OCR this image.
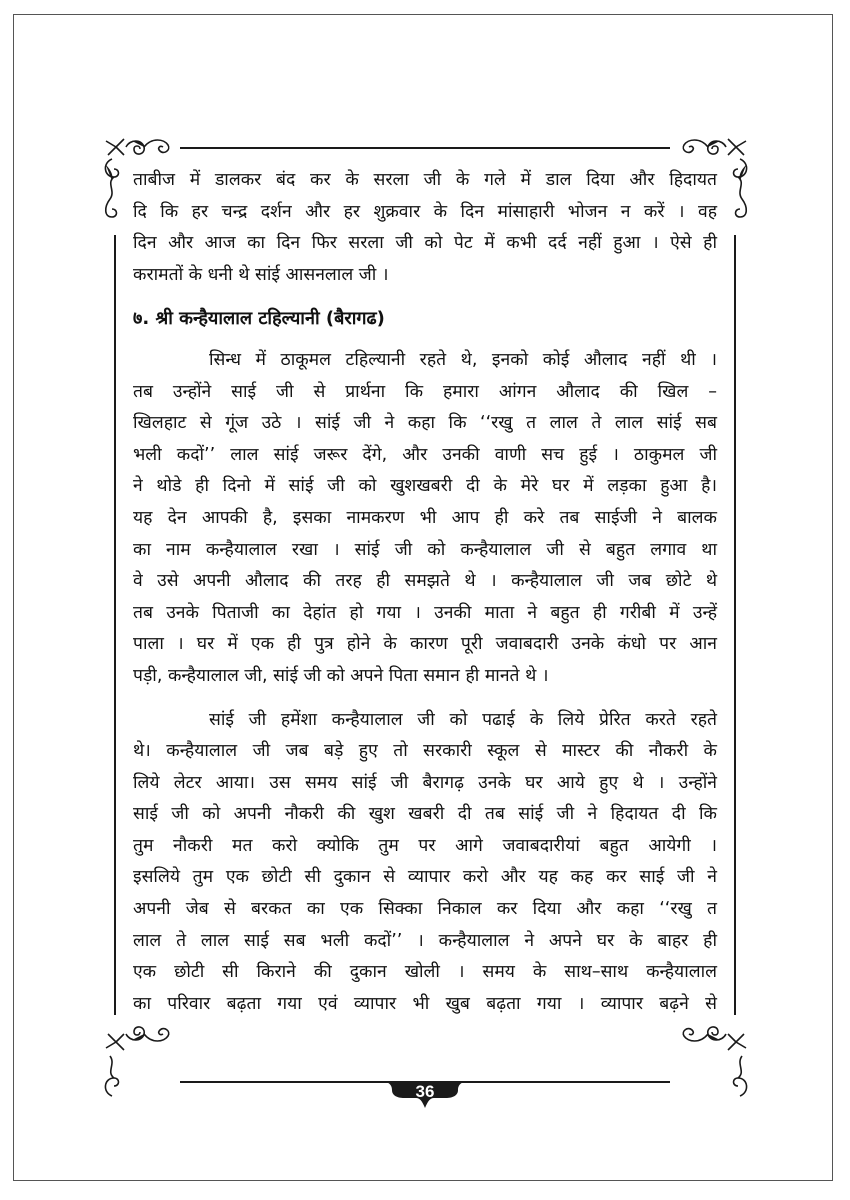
36

ताबीज में डालकर बंद कर के सरला जी के गले में डाल दिया और हिदायत
दि कि हर चन्द्र दर्शन और हर शुक्रवार के दिन मांसाहारी भोजन न करें । वह
दिन और आज का दिन फिर सरला जी को पेट में कभी दर्द नहीं हुआ । ऐसे ही
करामतों के धनी थे सांई आसनलाल जी ।

७. श्री कन्हैयालाल टहिल्यानी (बैरागढ)

सिन्ध में ठाकूमल टहिल्यानी रहते थे, इनको कोई औलाद नहीं थी ।
तब उन्होंने साई जी से प्रार्थना कि हमारा आंगन औलाद की खिल –
खिलहाट से गूंज उठे । सांई जी ने कहा कि ‘‘रखु त लाल ते लाल सांई सब
भली कदों’’ लाल सांई जरूर देंगे, और उनकी वाणी सच हुई । ठाकुमल जी
ने थोडे ही दिनो में सांई जी को खुशखबरी दी के मेरे घर में लड़का हुआ है।
यह देन आपकी है, इसका नामकरण भी आप ही करे तब साईजी ने बालक
का नाम कन्हैयालाल रखा । सांई जी को कन्हैयालाल जी से बहुत लगाव था
वे उसे अपनी औलाद की तरह ही समझते थे । कन्हैयालाल जी जब छोटे थे
तब उनके पिताजी का देहांत हो गया । उनकी माता ने बहुत ही गरीबी में उन्हें
पाला । घर में एक ही पुत्र होने के कारण पूरी जवाबदारी उनके कंधो पर आन
पड़ी, कन्हैयालाल जी, सांई जी को अपने पिता समान ही मानते थे ।

सांई जी हमेंशा कन्हैयालाल जी को पढाई के लिये प्रेरित करते रहते
थे। कन्हैयालाल जी जब बड़े हुए तो सरकारी स्कूल से मास्टर की नौकरी के
लिये लेटर आया। उस समय सांई जी बैरागढ़ उनके घर आये हुए थे । उन्होंने
साई जी को अपनी नौकरी की खुश खबरी दी तब सांई जी ने हिदायत दी कि
तुम नौकरी मत करो क्योकि तुम पर आगे जवाबदारीयां बहुत आयेगी ।
इसलिये तुम एक छोटी सी दुकान से व्यापार करो और यह कह कर साई जी ने
अपनी जेब से बरकत का एक सिक्का निकाल कर दिया और कहा ‘‘रखु त
लाल ते लाल साई सब भली कदों’’ । कन्हैयालाल ने अपने घर के बाहर ही
एक छोटी सी किराने की दुकान खोली । समय के साथ–साथ कन्हैयालाल
का परिवार बढ़ता गया एवं व्यापार भी खुब बढ़ता गया । व्यापार बढ़ने से
